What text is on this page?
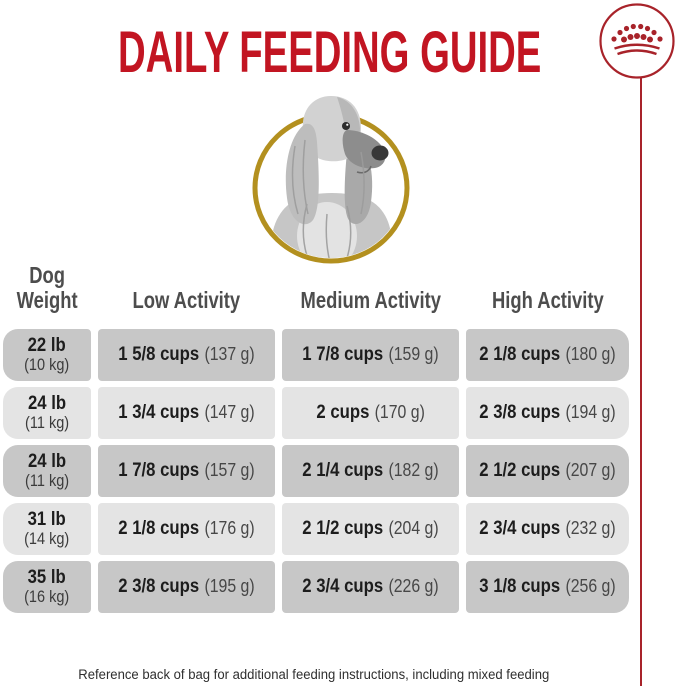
DAILY FEEDING GUIDE
Dog
Weight	Low Activity	Medium Activity	High Activity
22 lb
(10 kg)
1 5/8 cups (137 g)	1 7/8 cups (159 g) 2 1/8 cups (180 g)
24 lb
(11 kg)
1 3/4 cups (147 g)	2 cups (170 g)	2 3/8 cups (194 g)
24 lb
(11 kg)
1 7/8 cups (157 g)	2 1/4 cups (182 g) 2 1/2 cups (207 g)
31 lb
(14 kg)
2 1/8 cups (176 g)	2 1/2 cups (204 g) 2 3/4 cups (232 g)
35 lb
(16 kg)
2 3/8 cups (195 g)	2 3/4 cups (226 g) 3 1/8 cups (256 g)
Reference back of bag for additional feeding instructions, including mixed feeding
